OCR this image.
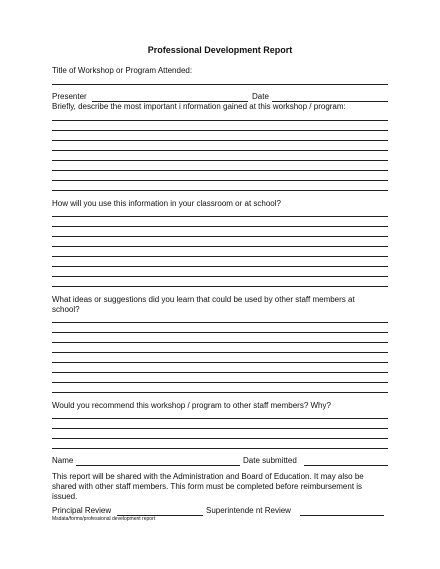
Professional Development Report
Title of Workshop or Program Attended:
Presenter	Date
Briefly, describe the most important i nformation gained at this workshop / program:
How will you use this information in your classroom or at school?
What ideas or suggestions did you learn that could be used by other staff members at
school?
Would you recommend this workshop / program to other staff members? Why?
Name	Date submitted
This report will be shared with the Administration and Board of Education. It may also be shared with other staff members. This form must be completed before reimbursement is issued.
Principal Review	Superintende nt Review
Msdata/forms/professional development report
